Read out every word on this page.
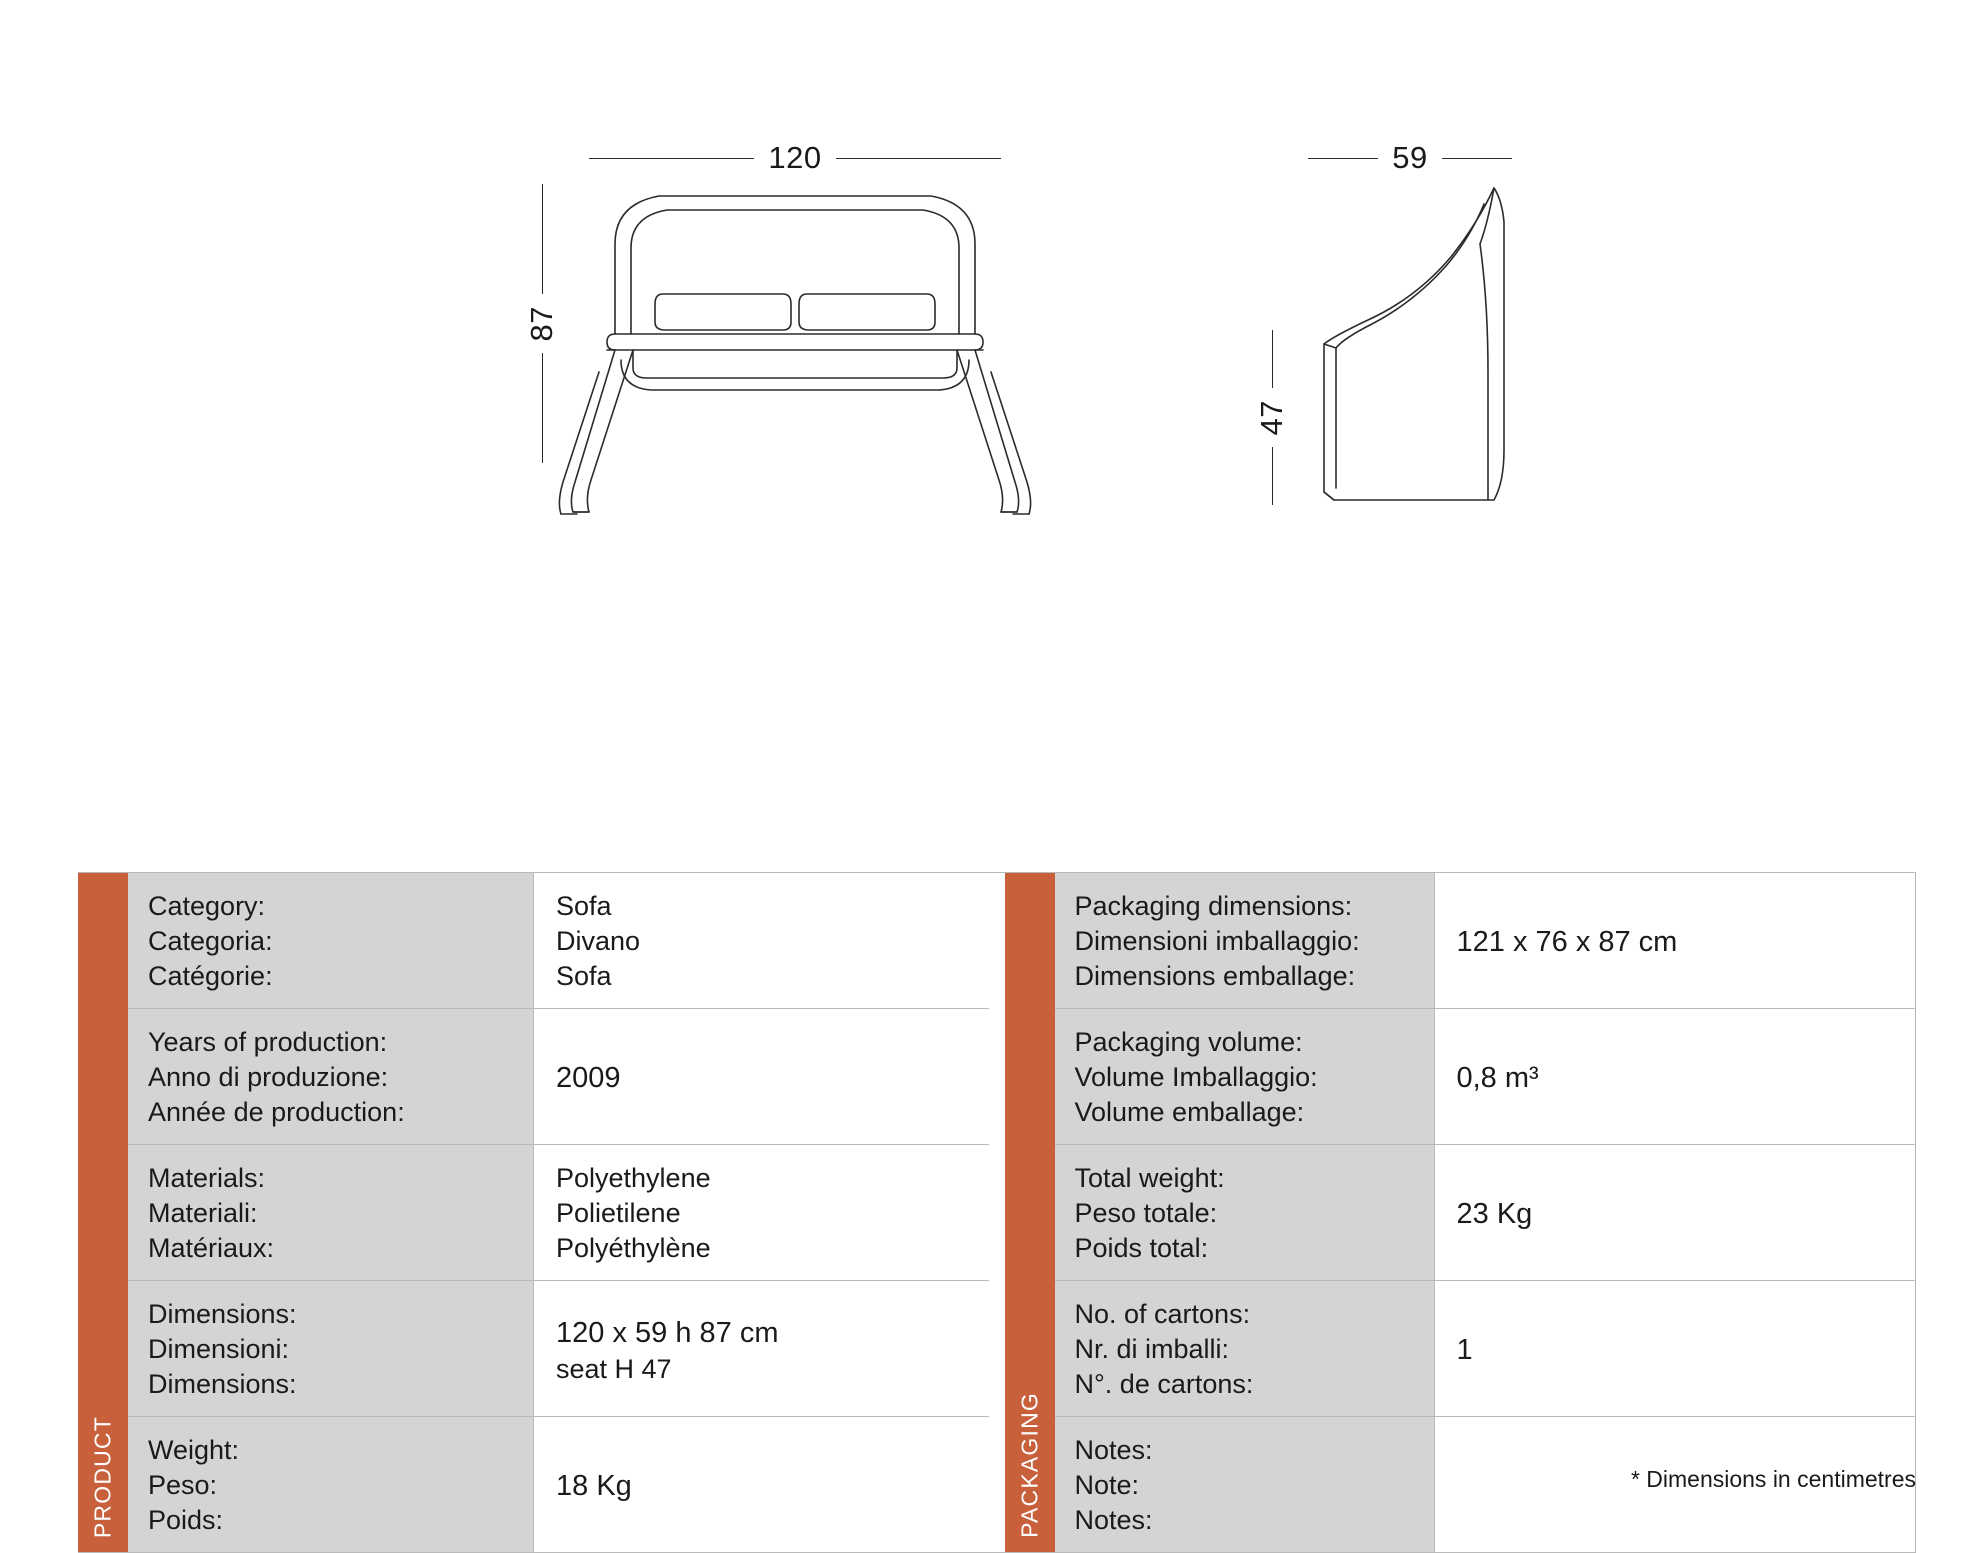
120
87
59
47
PRODUCT
Category:
Categoria:
Catégorie:
Sofa
Divano
Sofa
Years of production:
Anno di produzione:
Année de production:
2009
Materials:
Materiali:
Matériaux:
Polyethylene
Polietilene
Polyéthylène
Dimensions:
Dimensioni:
Dimensions:
120 x 59 h 87 cm
seat H 47
Weight:
Peso:
Poids:
18 Kg	PACKAGING
Packaging dimensions:
Dimensioni imballaggio:
Dimensions emballage:
121 x 76 x 87 cm
Packaging volume:
Volume Imballaggio:
Volume emballage:
0,8 m³
Total weight:
Peso totale:
Poids total:
23 Kg
No. of cartons:
Nr. di imballi:
N°. de cartons:
1
Notes:
Note:
Notes:
* Dimensions in centimetres
